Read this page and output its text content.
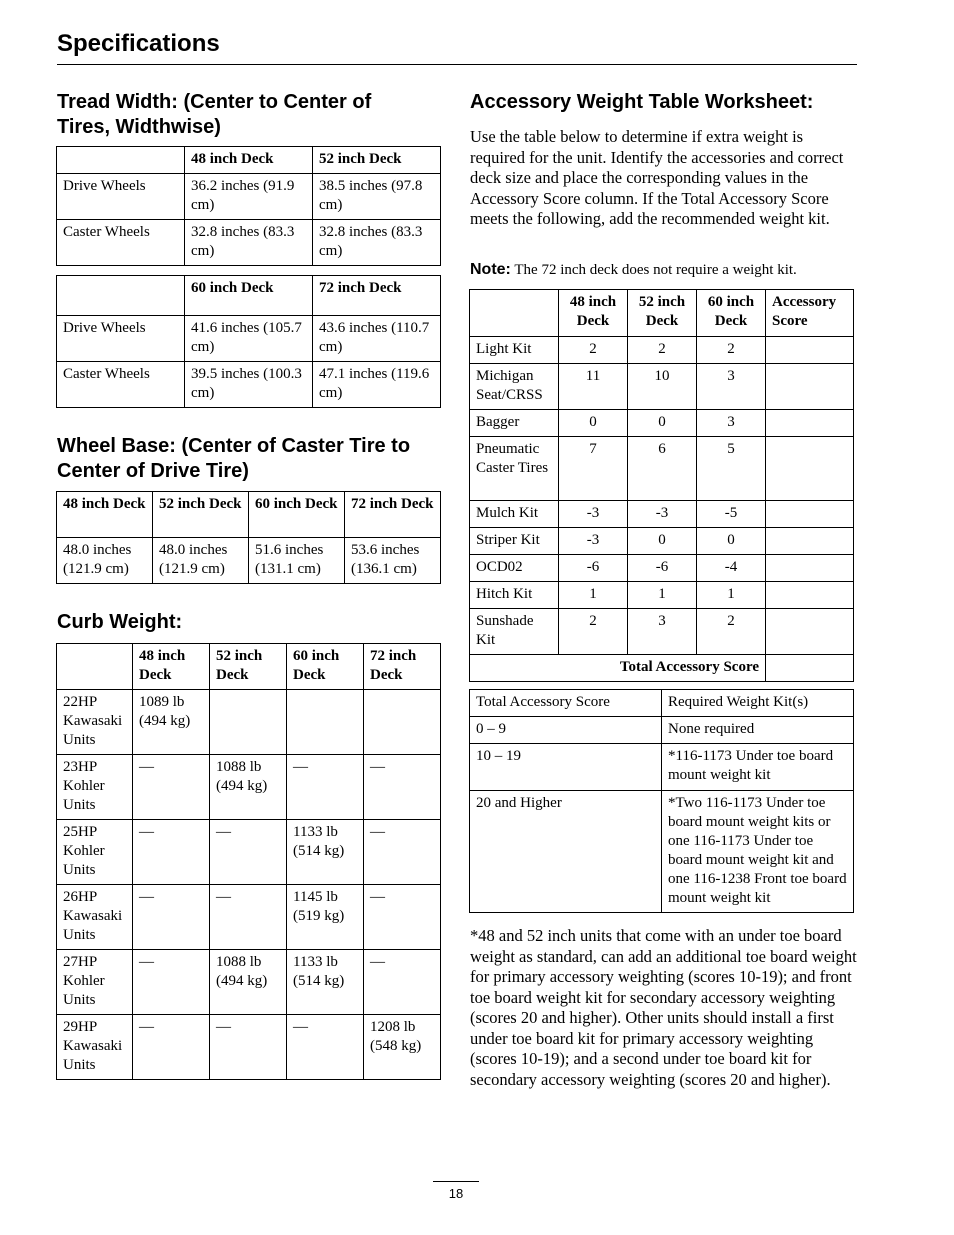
Specifications
Tread Width: (Center to Center of Tires, Widthwise)
	48 inch Deck	52 inch Deck
Drive Wheels	36.2 inches (91.9 cm)	38.5 inches (97.8 cm)
Caster Wheels	32.8 inches (83.3 cm)	32.8 inches (83.3 cm)
	60 inch Deck	72 inch Deck
Drive Wheels	41.6 inches (105.7 cm)	43.6 inches (110.7 cm)
Caster Wheels	39.5 inches (100.3 cm)	47.1 inches (119.6 cm)
Wheel Base: (Center of Caster Tire to Center of Drive Tire)
48 inch Deck	52 inch Deck	60 inch Deck	72 inch Deck
48.0 inches (121.9 cm)	48.0 inches (121.9 cm)	51.6 inches (131.1 cm)	53.6 inches (136.1 cm)
Curb Weight:
	48 inch Deck	52 inch Deck	60 inch Deck	72 inch Deck
22HP Kawasaki Units	1089 lb (494 kg)			
23HP Kohler Units	—	1088 lb (494 kg)	—	—
25HP Kohler Units	—	—	1133 lb (514 kg)	—
26HP Kawasaki Units	—	—	1145 lb (519 kg)	—
27HP Kohler Units	—	1088 lb (494 kg)	1133 lb (514 kg)	—
29HP Kawasaki Units	—	—	—	1208 lb (548 kg)
Accessory Weight Table Worksheet:
Use the table below to determine if extra weight is required for the unit. Identify the accessories and correct deck size and place the corresponding values in the Accessory Score column. If the Total Accessory Score meets the following, add the recommended weight kit.
Note: The 72 inch deck does not require a weight kit.
	48 inch Deck	52 inch Deck	60 inch Deck	Accessory Score
Light Kit	2	2	2	
Michigan Seat/CRSS	11	10	3	
Bagger	0	0	3	
Pneumatic Caster Tires	7	6	5	
Mulch Kit	-3	-3	-5	
Striper Kit	-3	0	0	
OCD02	-6	-6	-4	
Hitch Kit	1	1	1	
Sunshade Kit	2	3	2	
Total Accessory Score				
Total Accessory Score	Required Weight Kit(s)
0 – 9	None required
10 – 19	*116-1173 Under toe board mount weight kit
20 and Higher	*Two 116-1173 Under toe board mount weight kits or one 116-1173 Under toe board mount weight kit and one 116-1238 Front toe board mount weight kit
*48 and 52 inch units that come with an under toe board weight as standard, can add an additional toe board weight for primary accessory weighting (scores 10-19); and front toe board weight kit for secondary accessory weighting (scores 20 and higher). Other units should install a first under toe board kit for primary accessory weighting (scores 10-19); and a second under toe board kit for secondary accessory weighting (scores 20 and higher).
18
